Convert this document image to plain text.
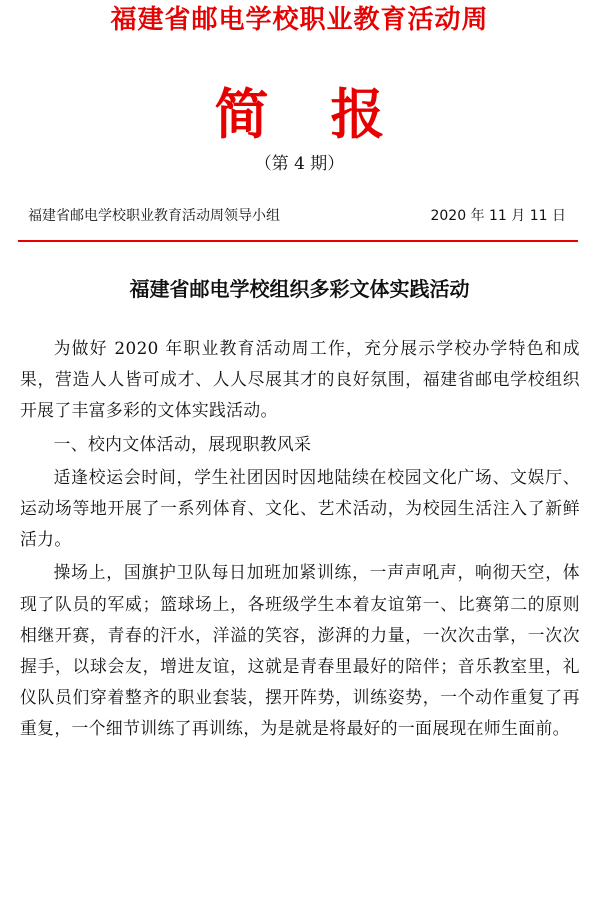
福建省邮电学校职业教育活动周
简 报
（第 4 期）
福建省邮电学校职业教育活动周领导小组	2020 年 11 月 11 日
福建省邮电学校组织多彩文体实践活动

为做好 2020 年职业教育活动周工作，充分展示学校办学特色和成果，营造人人皆可成才、人人尽展其才的良好氛围，福建省邮电学校组织开展了丰富多彩的文体实践活动。

一、校内文体活动，展现职教风采

适逢校运会时间，学生社团因时因地陆续在校园文化广场、文娱厅、运动场等地开展了一系列体育、文化、艺术活动，为校园生活注入了新鲜活力。

操场上，国旗护卫队每日加班加紧训练，一声声吼声，响彻天空，体现了队员的军威；篮球场上，各班级学生本着友谊第一、比赛第二的原则相继开赛，青春的汗水，洋溢的笑容，澎湃的力量，一次次击掌，一次次握手，以球会友，增进友谊，这就是青春里最好的陪伴；音乐教室里，礼仪队员们穿着整齐的职业套装，摆开阵势，训练姿势，一个动作重复了再重复，一个细节训练了再训练，为是就是将最好的一面展现在师生面前。
